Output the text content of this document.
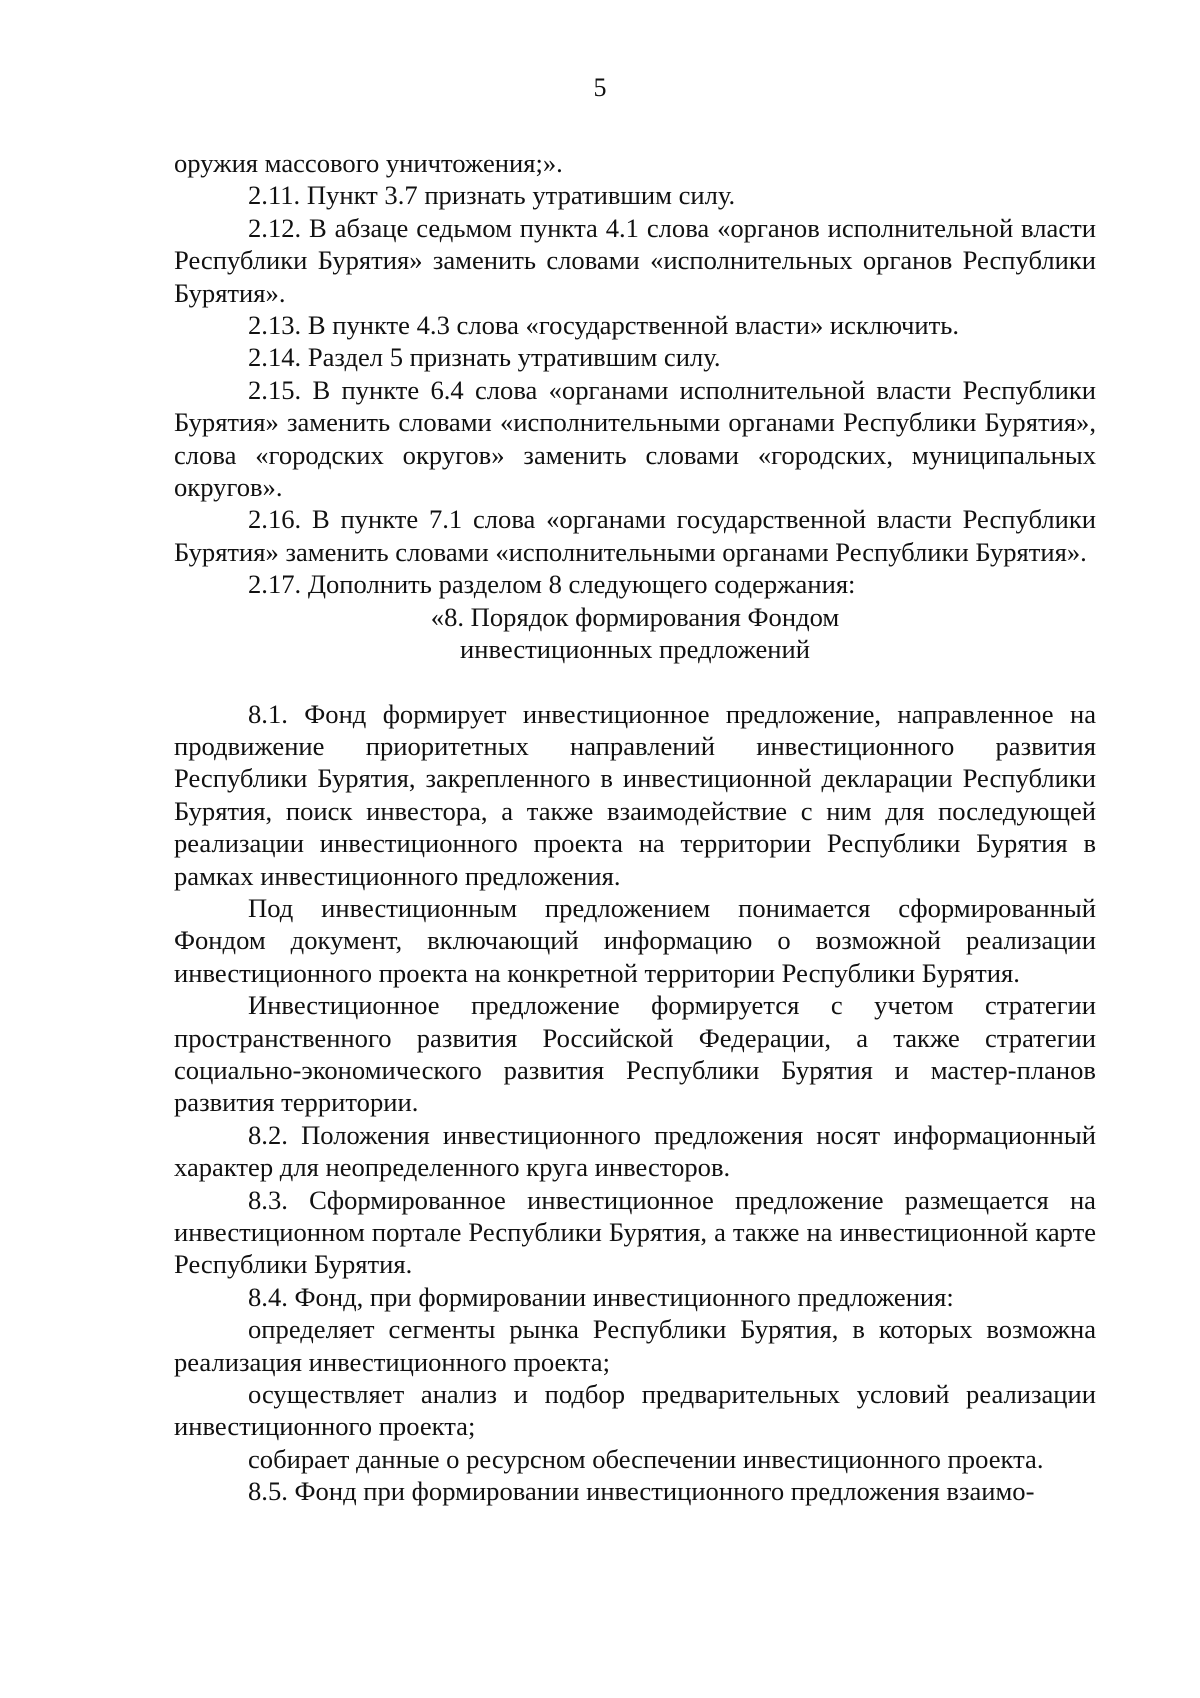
5

оружия массового уничтожения;».

2.11. Пункт 3.7 признать утратившим силу.

2.12. В абзаце седьмом пункта 4.1 слова «органов исполнительной власти Республики Бурятия» заменить словами «исполнительных органов Республики Бурятия».

2.13. В пункте 4.3 слова «государственной власти» исключить.

2.14. Раздел 5 признать утратившим силу.

2.15. В пункте 6.4 слова «органами исполнительной власти Республики Бурятия» заменить словами «исполнительными органами Республики Бурятия», слова «городских округов» заменить словами «городских, муниципальных округов».

2.16. В пункте 7.1 слова «органами государственной власти Республики Бурятия» заменить словами «исполнительными органами Республики Бурятия».

2.17. Дополнить разделом 8 следующего содержания:

«8. Порядок формирования Фондом

инвестиционных предложений

8.1. Фонд формирует инвестиционное предложение, направленное на продвижение приоритетных направлений инвестиционного развития Республики Бурятия, закрепленного в инвестиционной декларации Республики Бурятия, поиск инвестора, а также взаимодействие с ним для последующей реализации инвестиционного проекта на территории Республики Бурятия в рамках инвестиционного предложения.

Под инвестиционным предложением понимается сформированный Фондом документ, включающий информацию о возможной реализации инвестиционного проекта на конкретной территории Республики Бурятия.

Инвестиционное предложение формируется с учетом стратегии пространственного развития Российской Федерации, а также стратегии социально-экономического развития Республики Бурятия и мастер-планов развития территории.

8.2. Положения инвестиционного предложения носят информационный характер для неопределенного круга инвесторов.

8.3. Сформированное инвестиционное предложение размещается на инвестиционном портале Республики Бурятия, а также на инвестиционной карте Республики Бурятия.

8.4. Фонд, при формировании инвестиционного предложения:

определяет сегменты рынка Республики Бурятия, в которых возможна реализация инвестиционного проекта;

осуществляет анализ и подбор предварительных условий реализации инвестиционного проекта;

собирает данные о ресурсном обеспечении инвестиционного проекта.

8.5. Фонд при формировании инвестиционного предложения взаимо-
